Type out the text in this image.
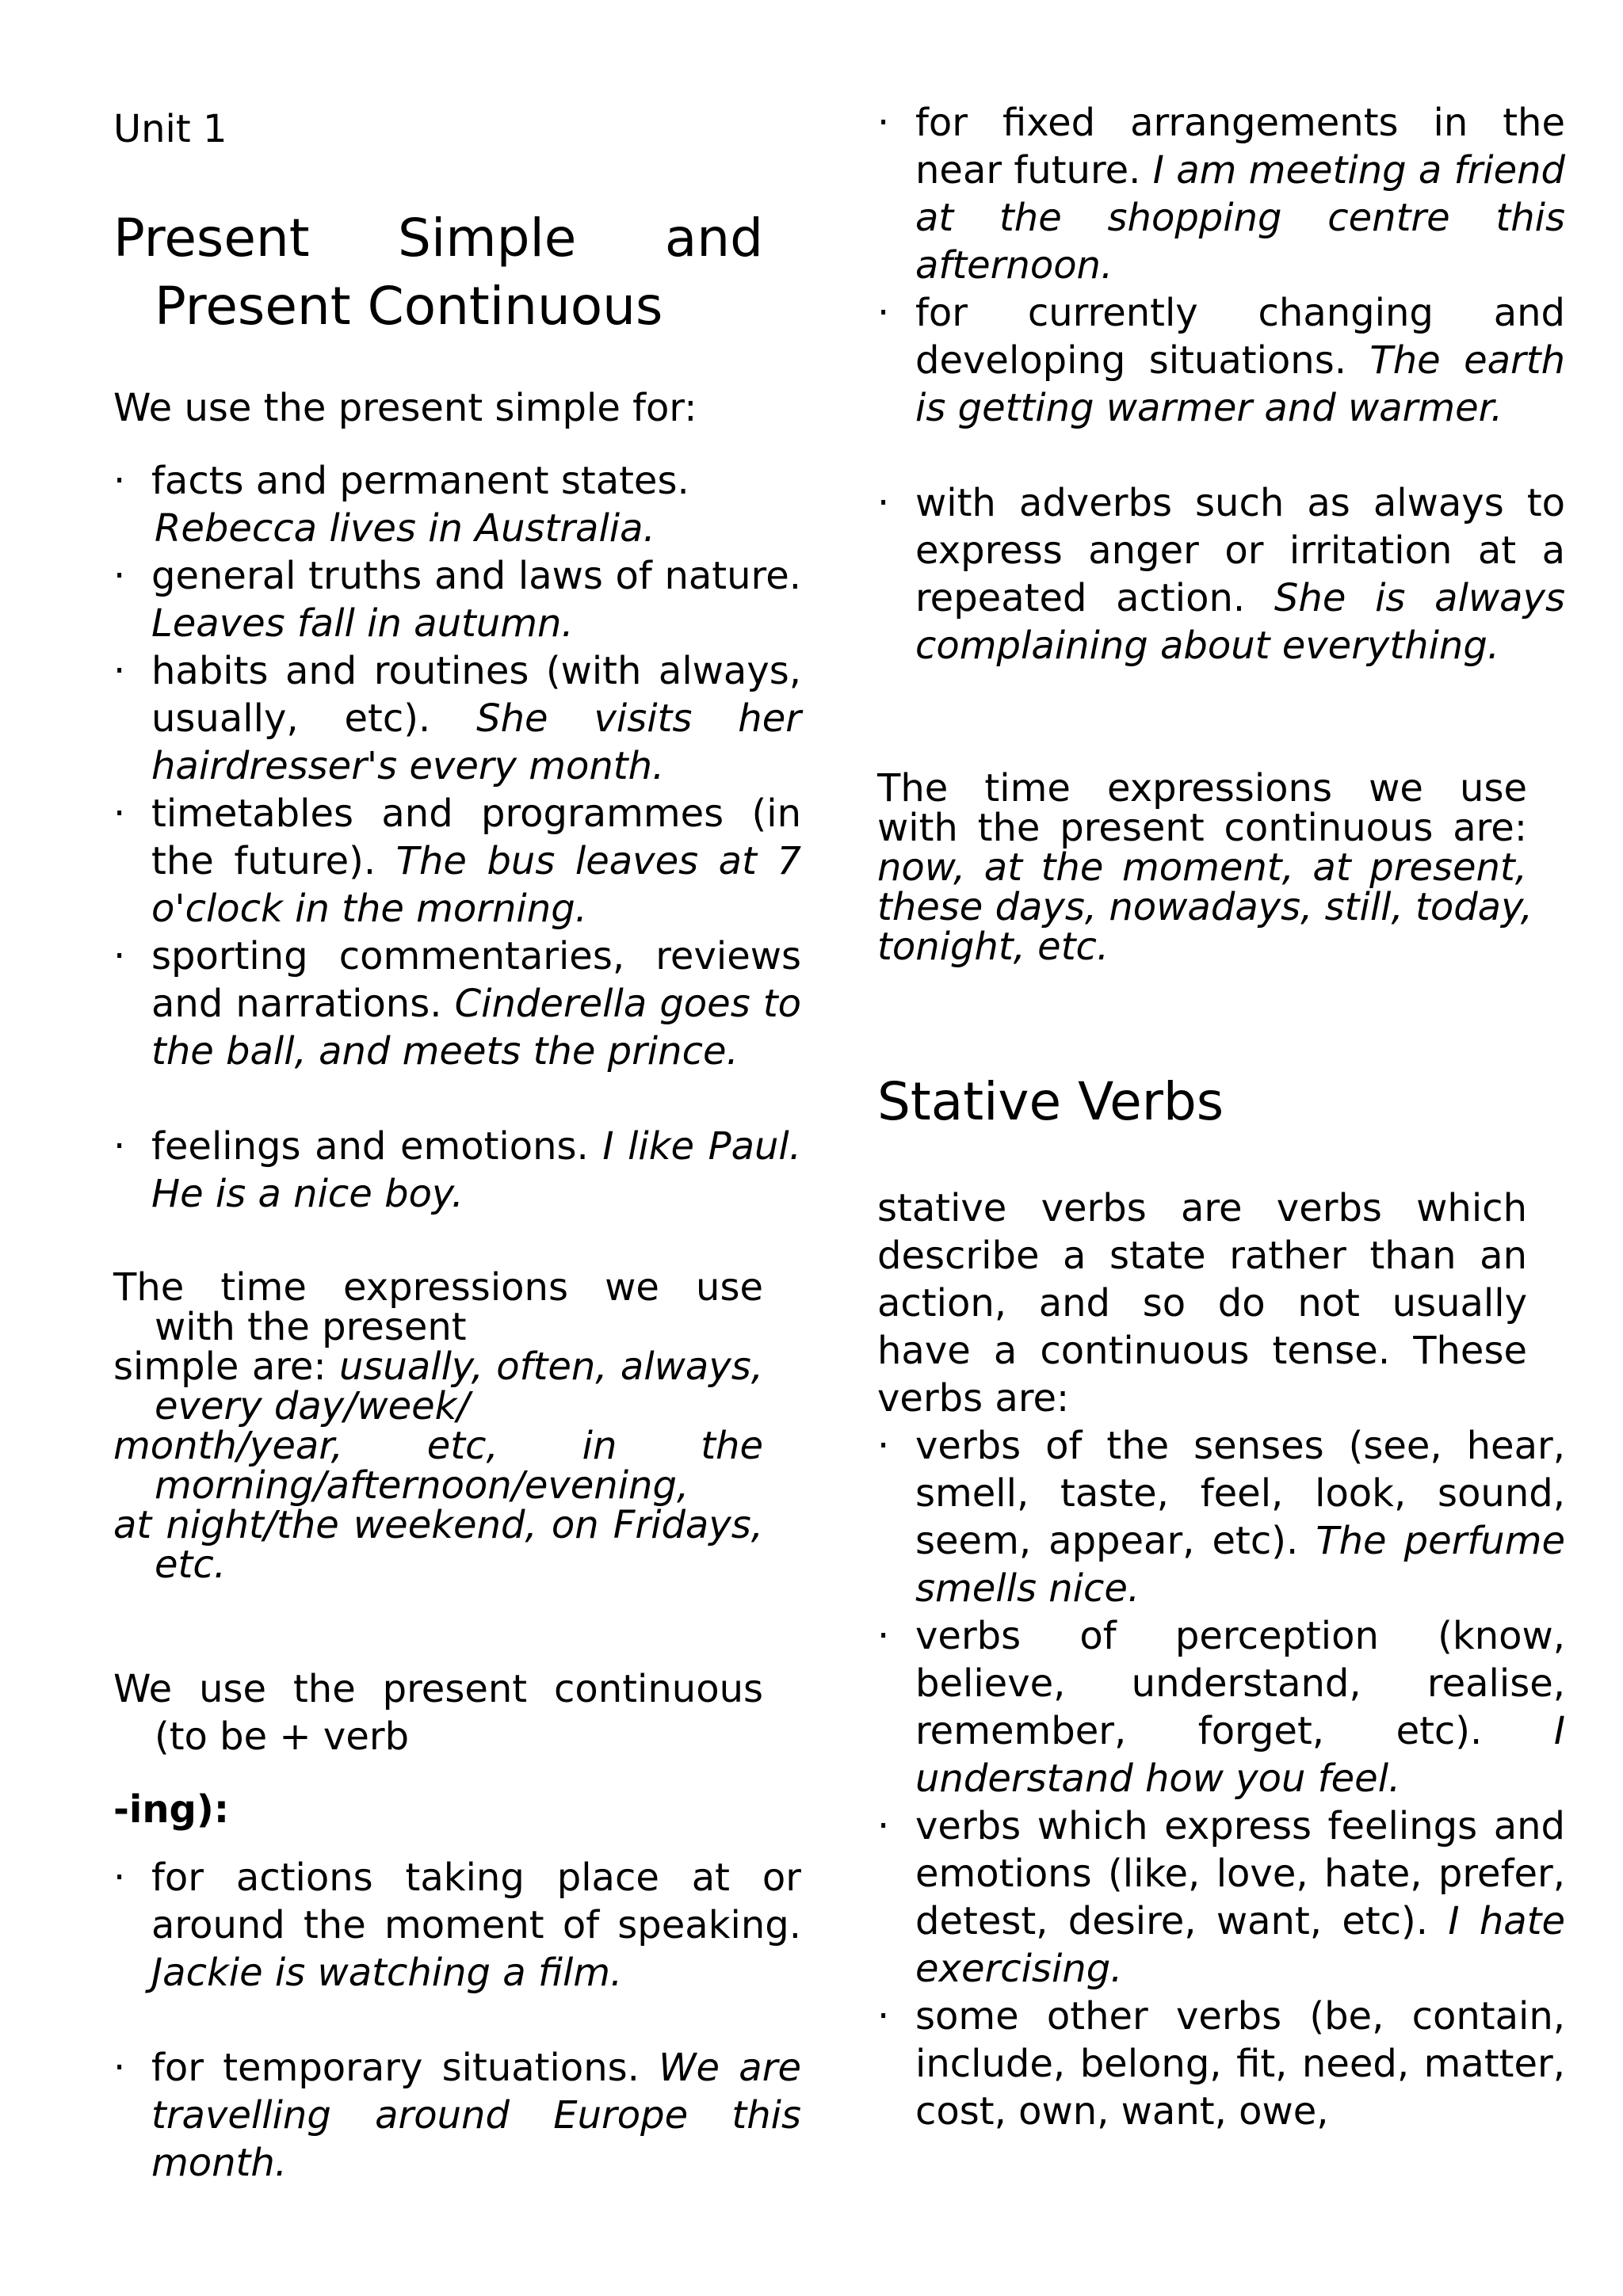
Unit 1
Present Simple and
Present Continuous
We use the present simple for:
· facts and permanent states.
Rebecca lives in Australia.
· general truths and laws of nature. Leaves fall in autumn.
· habits and routines (with always, usually, etc). She visits her hairdresser's every month.
· timetables and programmes (in the future). The bus leaves at 7 o'clock in the morning.
· sporting commentaries, reviews and narrations. Cinderella goes to the ball, and meets the prince.
· feelings and emotions. I like Paul. He is a nice boy.
The time expressions we use
with the present
simple are: usually, often, always,
every day/week/
month/year, etc, in the
morning/afternoon/evening,
at night/the weekend, on Fridays,
etc.
We use the present continuous
(to be + verb
-ing):
· for actions taking place at or around the moment of speaking. Jackie is watching a film.
· for temporary situations. We are travelling around Europe this month.
· for fixed arrangements in the near future. I am meeting a friend at the shopping centre this afternoon.
· for currently changing and developing situations. The earth is getting warmer and warmer.
· with adverbs such as always to express anger or irritation at a repeated action. She is always complaining about everything.
The time expressions we use
with the present continuous are:
now, at the moment, at present,
these days, nowadays, still, today,
tonight, etc.
Stative Verbs
stative verbs are verbs which describe a state rather than an action, and so do not usually have a continuous tense. These verbs are:
· verbs of the senses (see, hear, smell, taste, feel, look, sound, seem, appear, etc). The perfume smells nice.
· verbs of perception (know, believe, understand, realise, remember, forget, etc). I understand how you feel.
· verbs which express feelings and emotions (like, love, hate, prefer, detest, desire, want, etc). I hate exercising.
· some other verbs (be, contain, include, belong, fit, need, matter, cost, own, want, owe,
